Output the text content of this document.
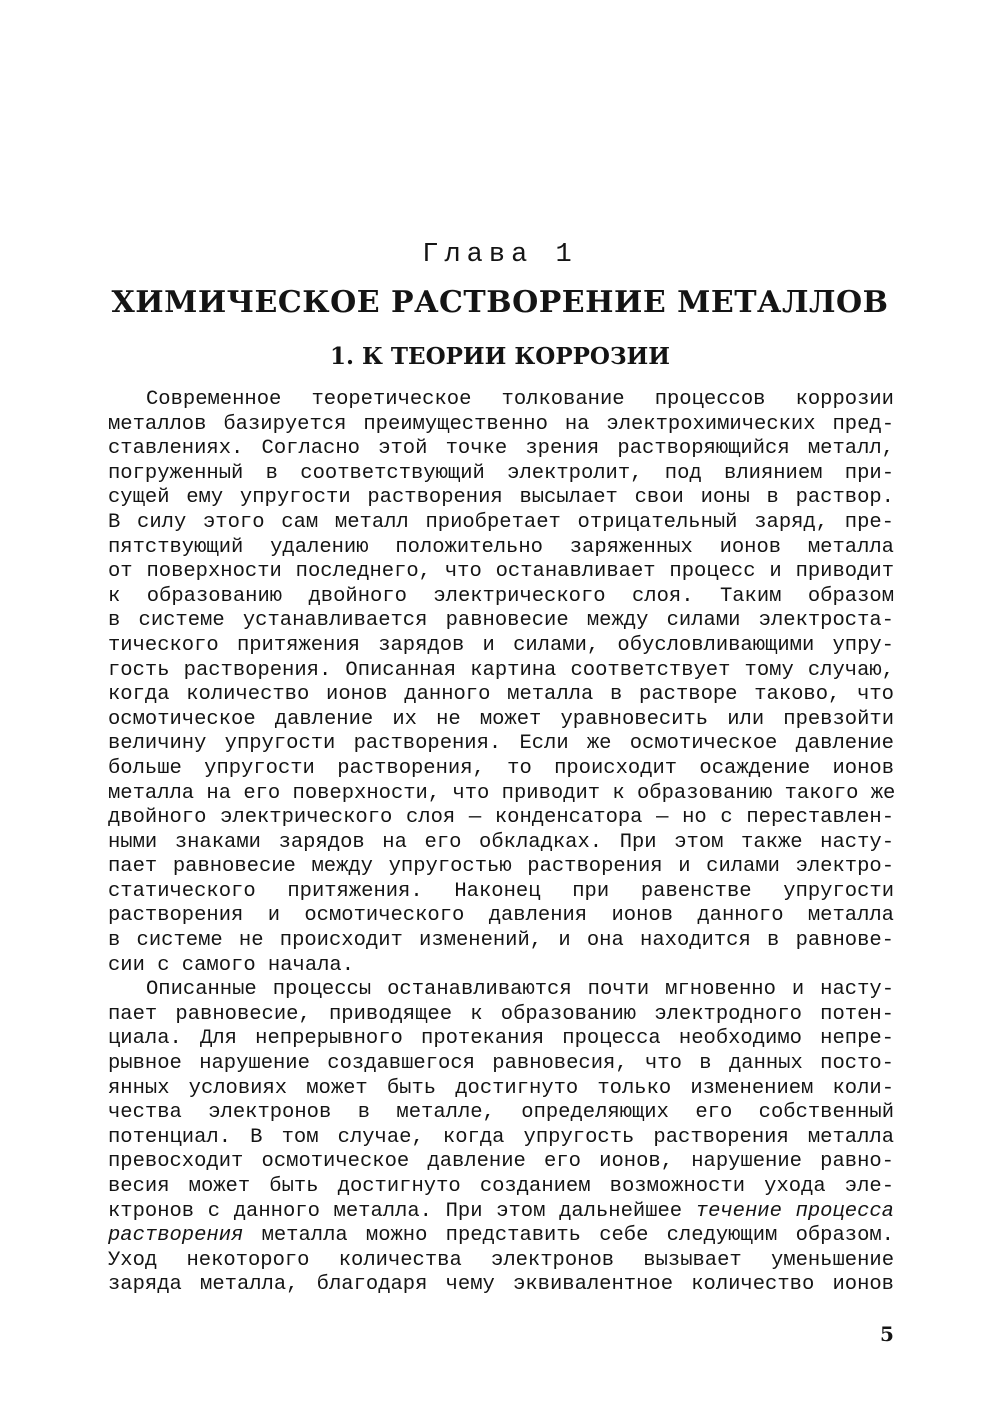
Глава 1
ХИМИЧЕСКОЕ РАСТВОРЕНИЕ МЕТАЛЛОВ
1. К ТЕОРИИ КОРРОЗИИ
Современное теоретическое толкование процессов коррозии
металлов базируется преимущественно на электрохимических пред-
ставлениях. Согласно этой точке зрения растворяющийся металл,
погруженный в соответствующий электролит, под влиянием при-
сущей ему упругости растворения высылает свои ионы в раствор.
В силу этого сам металл приобретает отрицательный заряд, пре-
пятствующий удалению положительно заряженных ионов металла
от поверхности последнего, что останавливает процесс и приводит
к образованию двойного электрического слоя. Таким образом
в системе устанавливается равновесие между силами электроста-
тического притяжения зарядов и силами, обусловливающими упру-
гость растворения. Описанная картина соответствует тому случаю,
когда количество ионов данного металла в растворе таково, что
осмотическое давление их не может уравновесить или превзойти
величину упругости растворения. Если же осмотическое давление
больше упругости растворения, то происходит осаждение ионов
металла на его поверхности, что приводит к образованию такого же
двойного электрического слоя — конденсатора — но с переставлен-
ными знаками зарядов на его обкладках. При этом также насту-
пает равновесие между упругостью растворения и силами электро-
статического притяжения. Наконец при равенстве упругости
растворения и осмотического давления ионов данного металла
в системе не происходит изменений, и она находится в равнове-
сии с самого начала.
Описанные процессы останавливаются почти мгновенно и насту-
пает равновесие, приводящее к образованию электродного потен-
циала. Для непрерывного протекания процесса необходимо непре-
рывное нарушение создавшегося равновесия, что в данных посто-
янных условиях может быть достигнуто только изменением коли-
чества электронов в металле, определяющих его собственный
потенциал. В том случае, когда упругость растворения металла
превосходит осмотическое давление его ионов, нарушение равно-
весия может быть достигнуто созданием возможности ухода эле-
ктронов с данного металла. При этом дальнейшее течение процесса
растворения металла можно представить себе следующим образом.
Уход некоторого количества электронов вызывает уменьшение
заряда металла, благодаря чему эквивалентное количество ионов
5
